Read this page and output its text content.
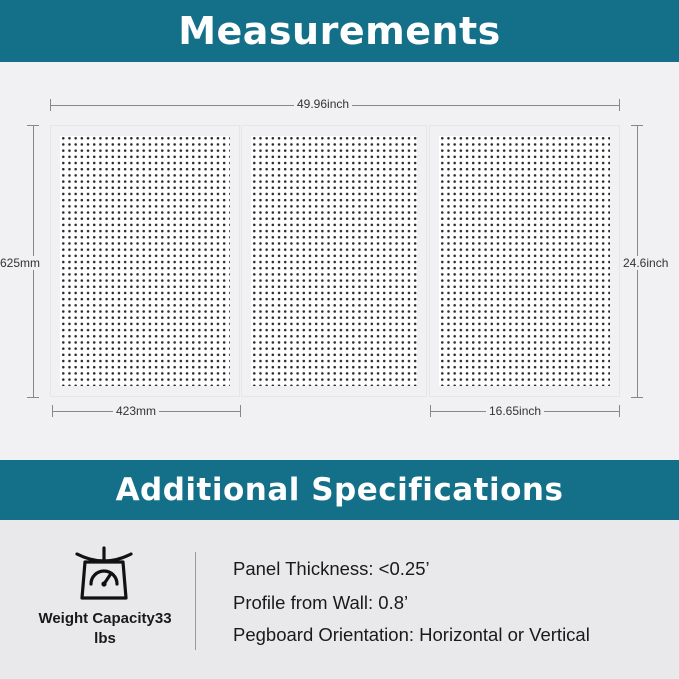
Measurements
49.96inch
625mm	24.6inch
423mm	16.65inch
Additional Specifications
Weight Capacity33 lbs
Panel Thickness: <0.25’
Profile from Wall: 0.8’
Pegboard Orientation: Horizontal or Vertical
